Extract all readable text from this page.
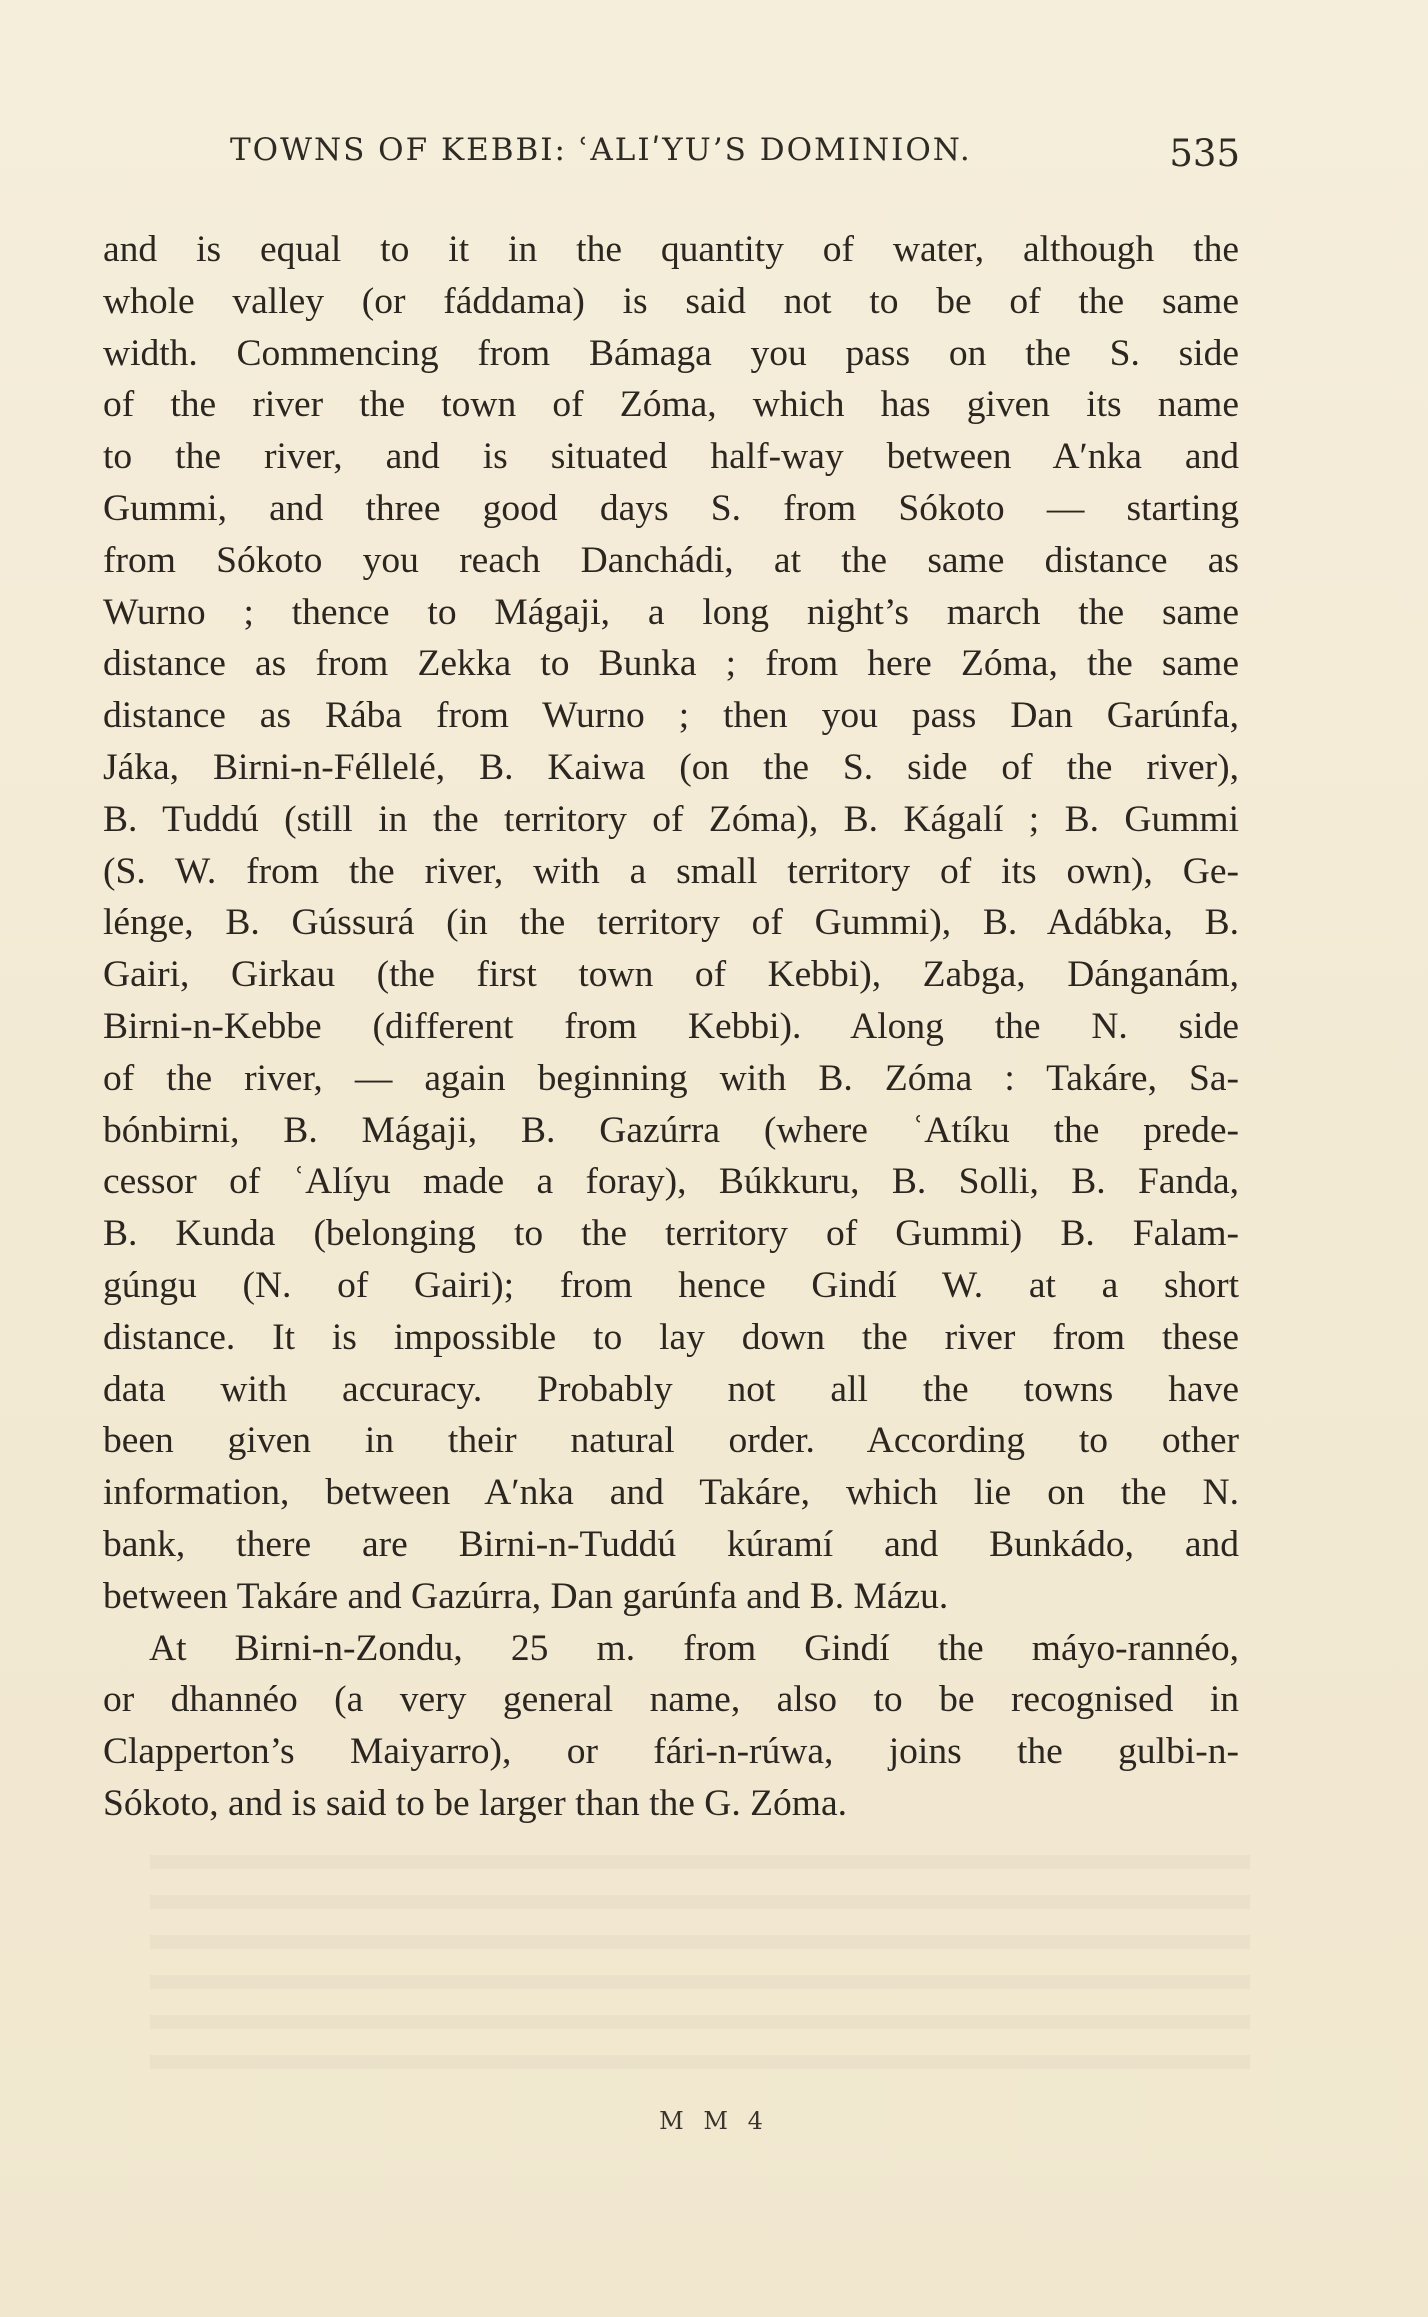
TOWNS OF KEBBI: ʿALIʹYU’S DOMINION.	535
and is equal to it in the quantity of water, although the
whole valley (or fáddama) is said not to be of the same
width. Commencing from Bámaga you pass on the S. side
of the river the town of Zóma, which has given its name
to the river, and is situated half-way between Aʹnka and
Gummi, and three good days S. from Sókoto — starting
from Sókoto you reach Danchádi, at the same distance as
Wurno ; thence to Mágaji, a long night’s march the same
distance as from Zekka to Bunka ; from here Zóma, the same
distance as Rába from Wurno ; then you pass Dan Garúnfa,
Jáka, Birni-n-Féllelé, B. Kaiwa (on the S. side of the river),
B. Tuddú (still in the territory of Zóma), B. Kágalí ; B. Gummi
(S. W. from the river, with a small territory of its own), Ge-
lénge, B. Gússurá (in the territory of Gummi), B. Adábka, B.
Gairi, Girkau (the first town of Kebbi), Zabga, Dánganám,
Birni-n-Kebbe (different from Kebbi). Along the N. side
of the river, — again beginning with B. Zóma : Takáre, Sa-
bónbirni, B. Mágaji, B. Gazúrra (where ʿAtíku the prede-
cessor of ʿAlíyu made a foray), Búkkuru, B. Solli, B. Fanda,
B. Kunda (belonging to the territory of Gummi) B. Falam-
gúngu (N. of Gairi); from hence Gindí W. at a short
distance. It is impossible to lay down the river from these
data with accuracy. Probably not all the towns have
been given in their natural order. According to other
information, between Aʹnka and Takáre, which lie on the N.
bank, there are Birni-n-Tuddú kúramí and Bunkádo, and
between Takáre and Gazúrra, Dan garúnfa and B. Mázu.
At Birni-n-Zondu, 25 m. from Gindí the máyo-rannéo,
or dhannéo (a very general name, also to be recognised in
Clapperton’s Maiyarro), or fári-n-rúwa, joins the gulbi-n-
Sókoto, and is said to be larger than the G. Zóma.
M M 4
